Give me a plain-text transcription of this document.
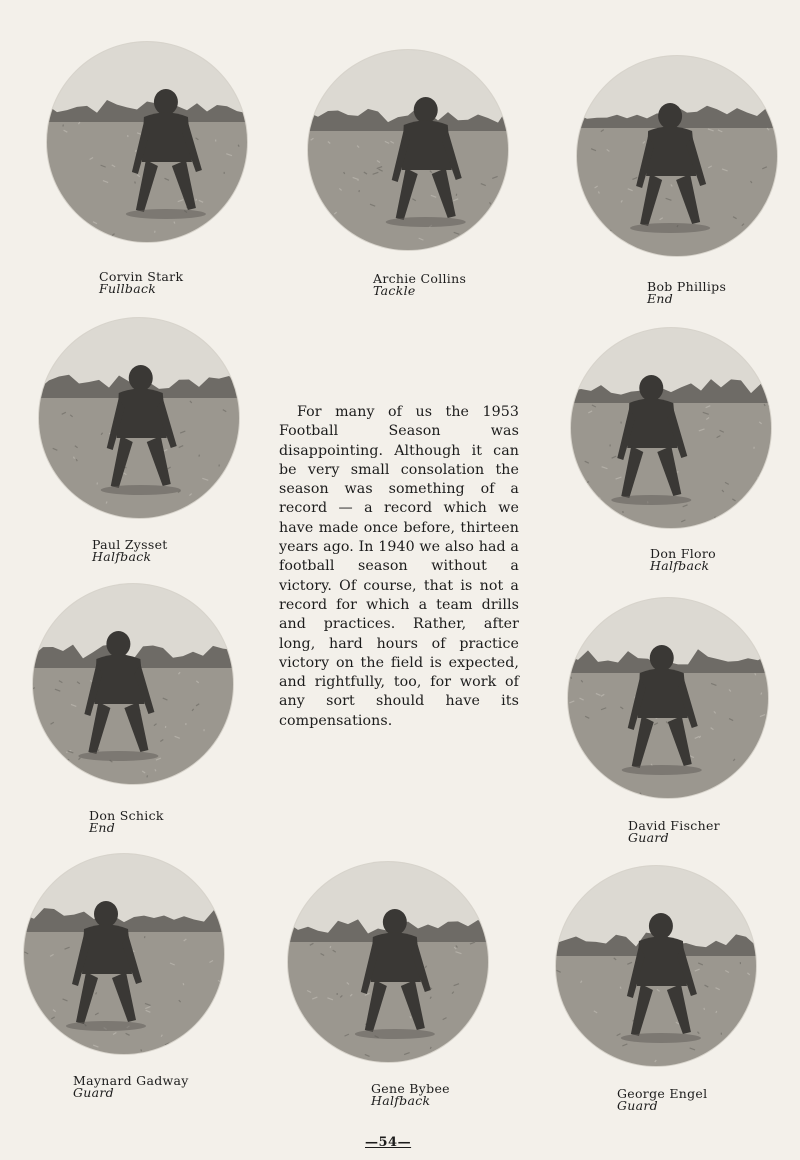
Corvin Stark
Fullback
Archie Collins
Tackle	Bob Phillips
End
Paul Zysset
Halfback
For many of us the 1953 Football Season was disappointing. Although it can be very small consolation the season was something of a record — a record which we have made once before, thirteen years ago. In 1940 we also had a football season without a victory. Of course, that is not a record for which a team drills and practices. Rather, after long, hard hours of practice victory on the field is expected, and rightfully, too, for work of any sort should have its compensations.
Don Floro
Halfback
Don Schick
End	David Fischer
Guard
Maynard Gadway
Guard	Gene Bybee
Halfback	George Engel
Guard
—54—
